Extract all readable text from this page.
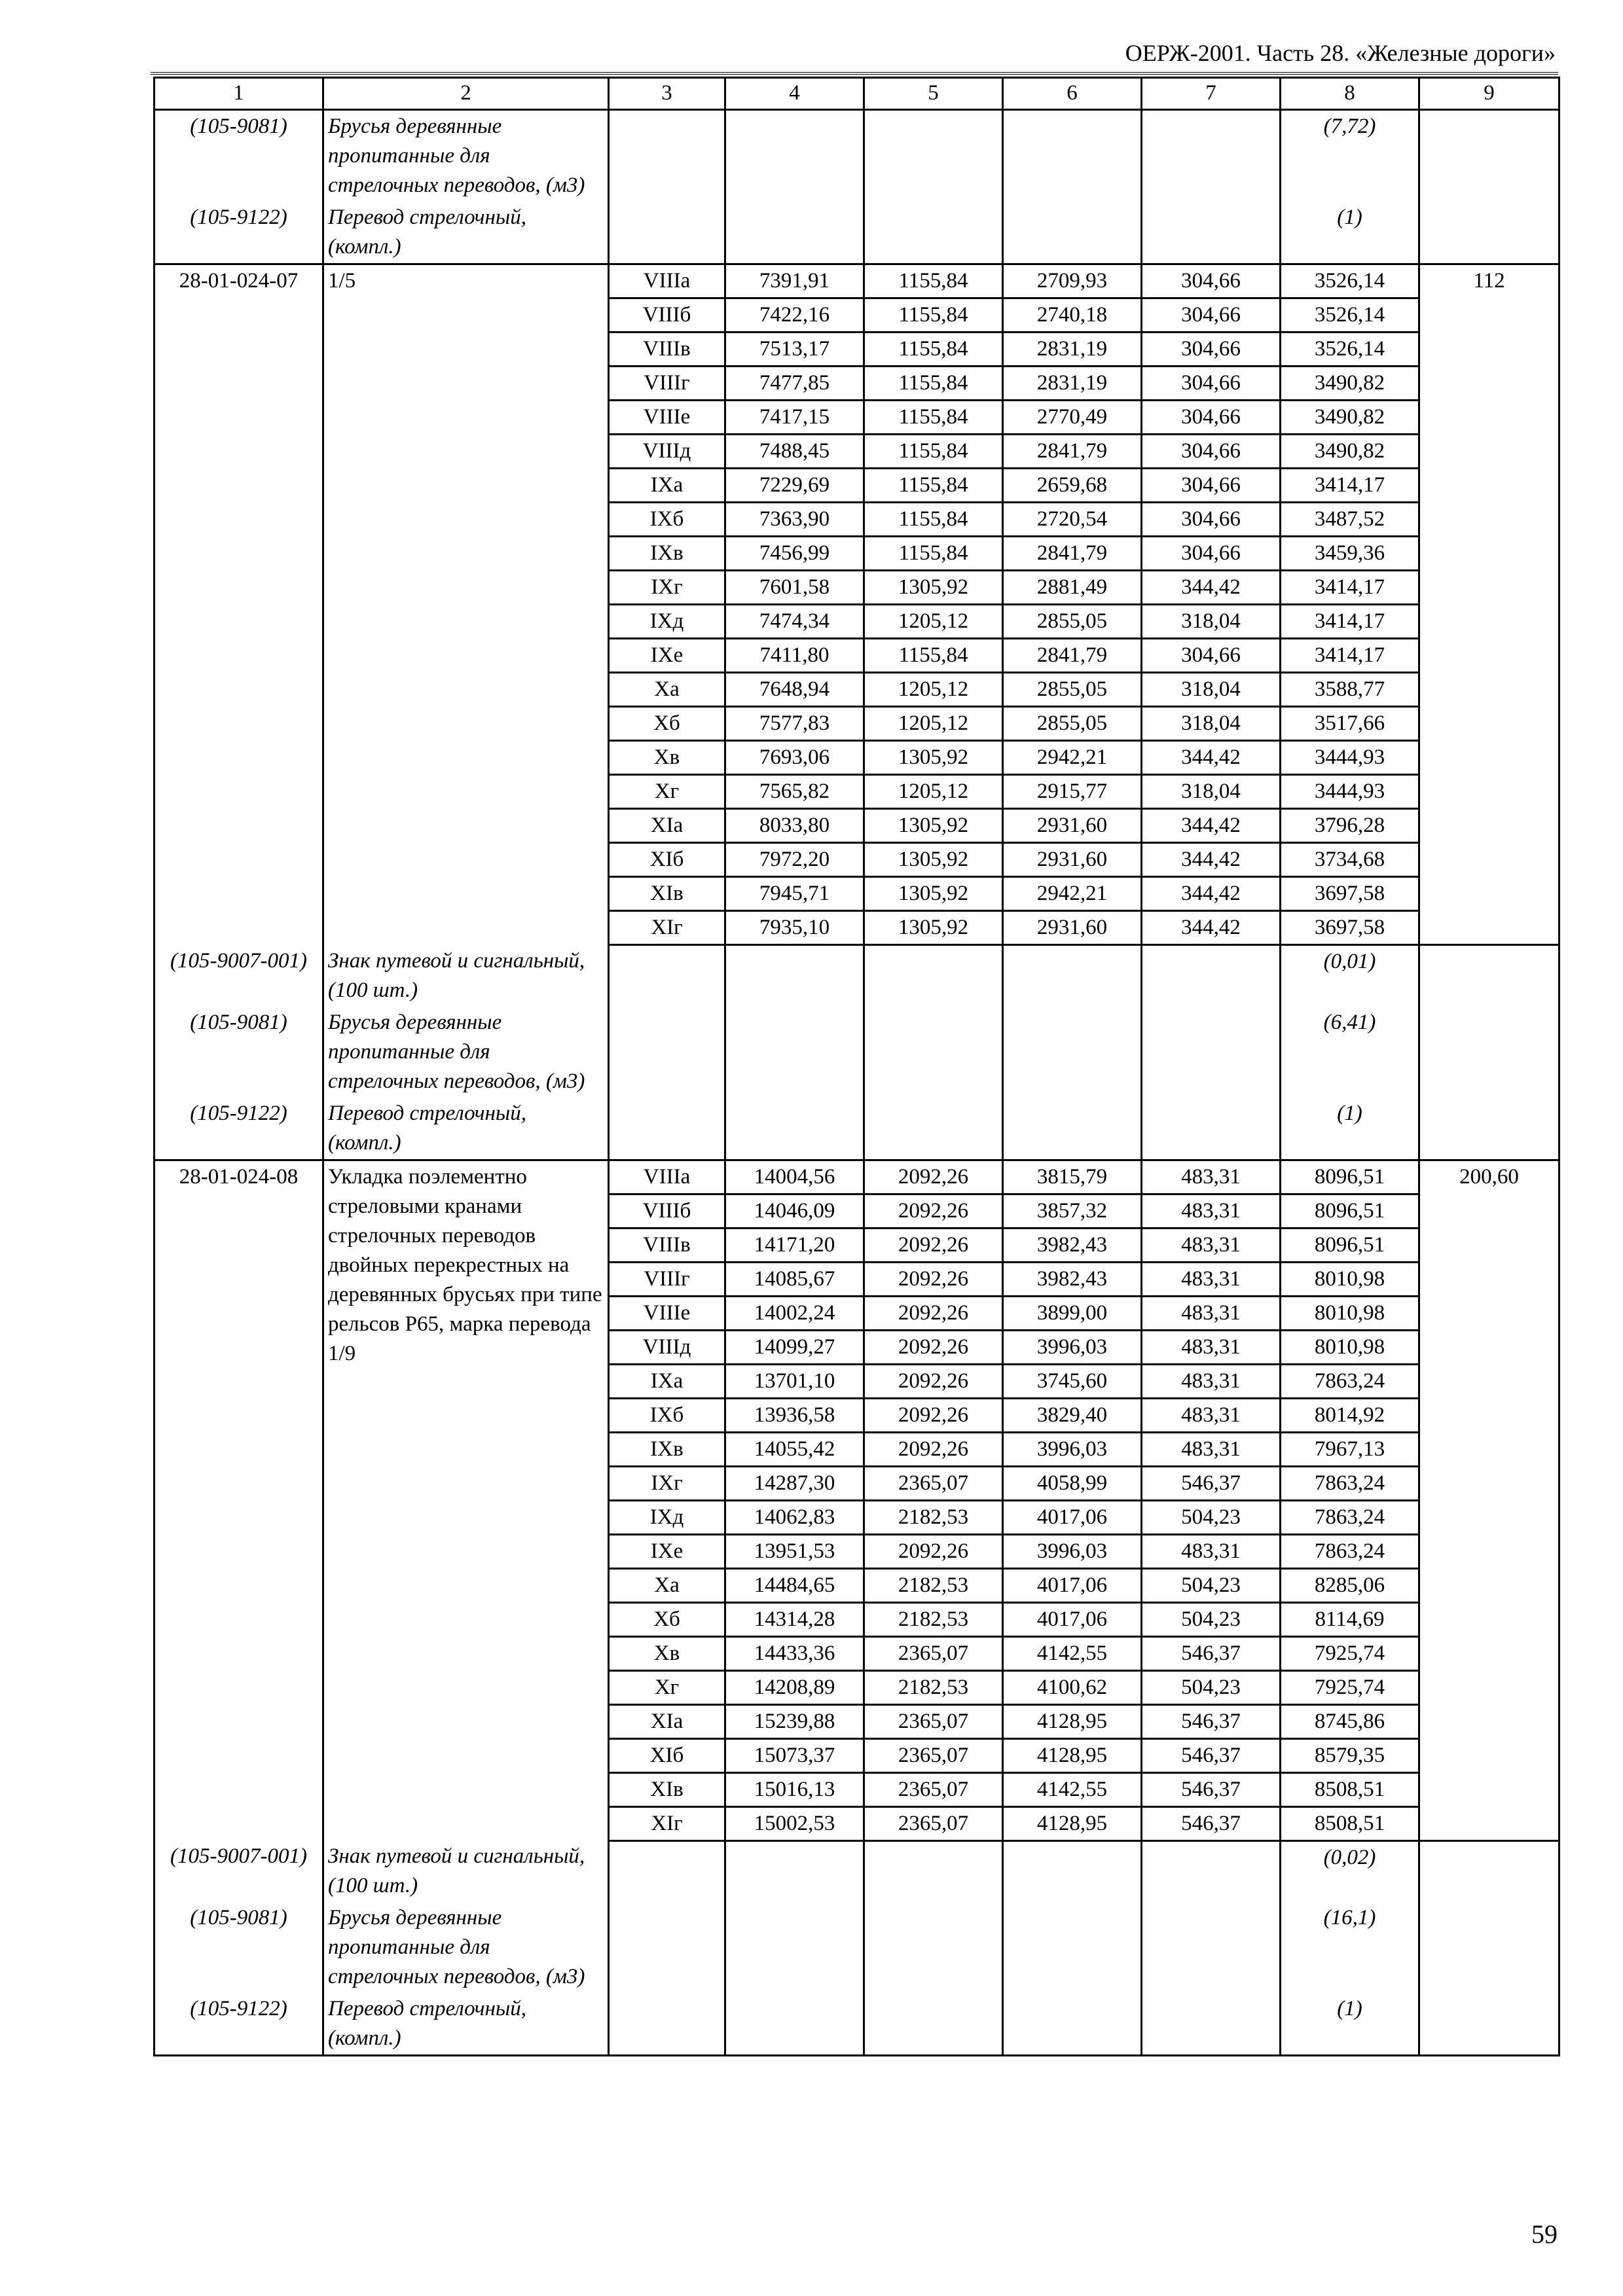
ОЕРЖ-2001. Часть 28. «Железные дороги»
1	2	3	4	5	6	7	8	9
(105-9081)	Брусья деревянные пропитанные для стрелочных переводов, (м3)						(7,72)	
(105-9122)	Перевод стрелочный, (компл.)						(1)	
28-01-024-07	1/5	VIIIа	7391,91	1155,84	2709,93	304,66	3526,14	112
		VIIIб	7422,16	1155,84	2740,18	304,66	3526,14	
		VIIIв	7513,17	1155,84	2831,19	304,66	3526,14	
		VIIIг	7477,85	1155,84	2831,19	304,66	3490,82	
		VIIIе	7417,15	1155,84	2770,49	304,66	3490,82	
		VIIIд	7488,45	1155,84	2841,79	304,66	3490,82	
		IXа	7229,69	1155,84	2659,68	304,66	3414,17	
		IXб	7363,90	1155,84	2720,54	304,66	3487,52	
		IXв	7456,99	1155,84	2841,79	304,66	3459,36	
		IXг	7601,58	1305,92	2881,49	344,42	3414,17	
		IXд	7474,34	1205,12	2855,05	318,04	3414,17	
		IXе	7411,80	1155,84	2841,79	304,66	3414,17	
		Xа	7648,94	1205,12	2855,05	318,04	3588,77	
		Xб	7577,83	1205,12	2855,05	318,04	3517,66	
		Xв	7693,06	1305,92	2942,21	344,42	3444,93	
		Xг	7565,82	1205,12	2915,77	318,04	3444,93	
		XIа	8033,80	1305,92	2931,60	344,42	3796,28	
		XIб	7972,20	1305,92	2931,60	344,42	3734,68	
		XIв	7945,71	1305,92	2942,21	344,42	3697,58	
		XIг	7935,10	1305,92	2931,60	344,42	3697,58	
(105-9007-001)	Знак путевой и сигнальный, (100 шт.)						(0,01)	
(105-9081)	Брусья деревянные пропитанные для стрелочных переводов, (м3)						(6,41)	
(105-9122)	Перевод стрелочный, (компл.)						(1)	
28-01-024-08	Укладка поэлементно стреловыми кранами стрелочных переводов двойных перекрестных на деревянных брусьях при типе рельсов Р65, марка перевода 1/9	VIIIа	14004,56	2092,26	3815,79	483,31	8096,51	200,60
		VIIIб	14046,09	2092,26	3857,32	483,31	8096,51	
		VIIIв	14171,20	2092,26	3982,43	483,31	8096,51	
		VIIIг	14085,67	2092,26	3982,43	483,31	8010,98	
		VIIIе	14002,24	2092,26	3899,00	483,31	8010,98	
		VIIIд	14099,27	2092,26	3996,03	483,31	8010,98	
		IXа	13701,10	2092,26	3745,60	483,31	7863,24	
		IXб	13936,58	2092,26	3829,40	483,31	8014,92	
		IXв	14055,42	2092,26	3996,03	483,31	7967,13	
		IXг	14287,30	2365,07	4058,99	546,37	7863,24	
		IXд	14062,83	2182,53	4017,06	504,23	7863,24	
		IXе	13951,53	2092,26	3996,03	483,31	7863,24	
		Xа	14484,65	2182,53	4017,06	504,23	8285,06	
		Xб	14314,28	2182,53	4017,06	504,23	8114,69	
		Xв	14433,36	2365,07	4142,55	546,37	7925,74	
		Xг	14208,89	2182,53	4100,62	504,23	7925,74	
		XIа	15239,88	2365,07	4128,95	546,37	8745,86	
		XIб	15073,37	2365,07	4128,95	546,37	8579,35	
		XIв	15016,13	2365,07	4142,55	546,37	8508,51	
		XIг	15002,53	2365,07	4128,95	546,37	8508,51	
(105-9007-001)	Знак путевой и сигнальный, (100 шт.)						(0,02)	
(105-9081)	Брусья деревянные пропитанные для стрелочных переводов, (м3)						(16,1)	
(105-9122)	Перевод стрелочный, (компл.)						(1)	
59
